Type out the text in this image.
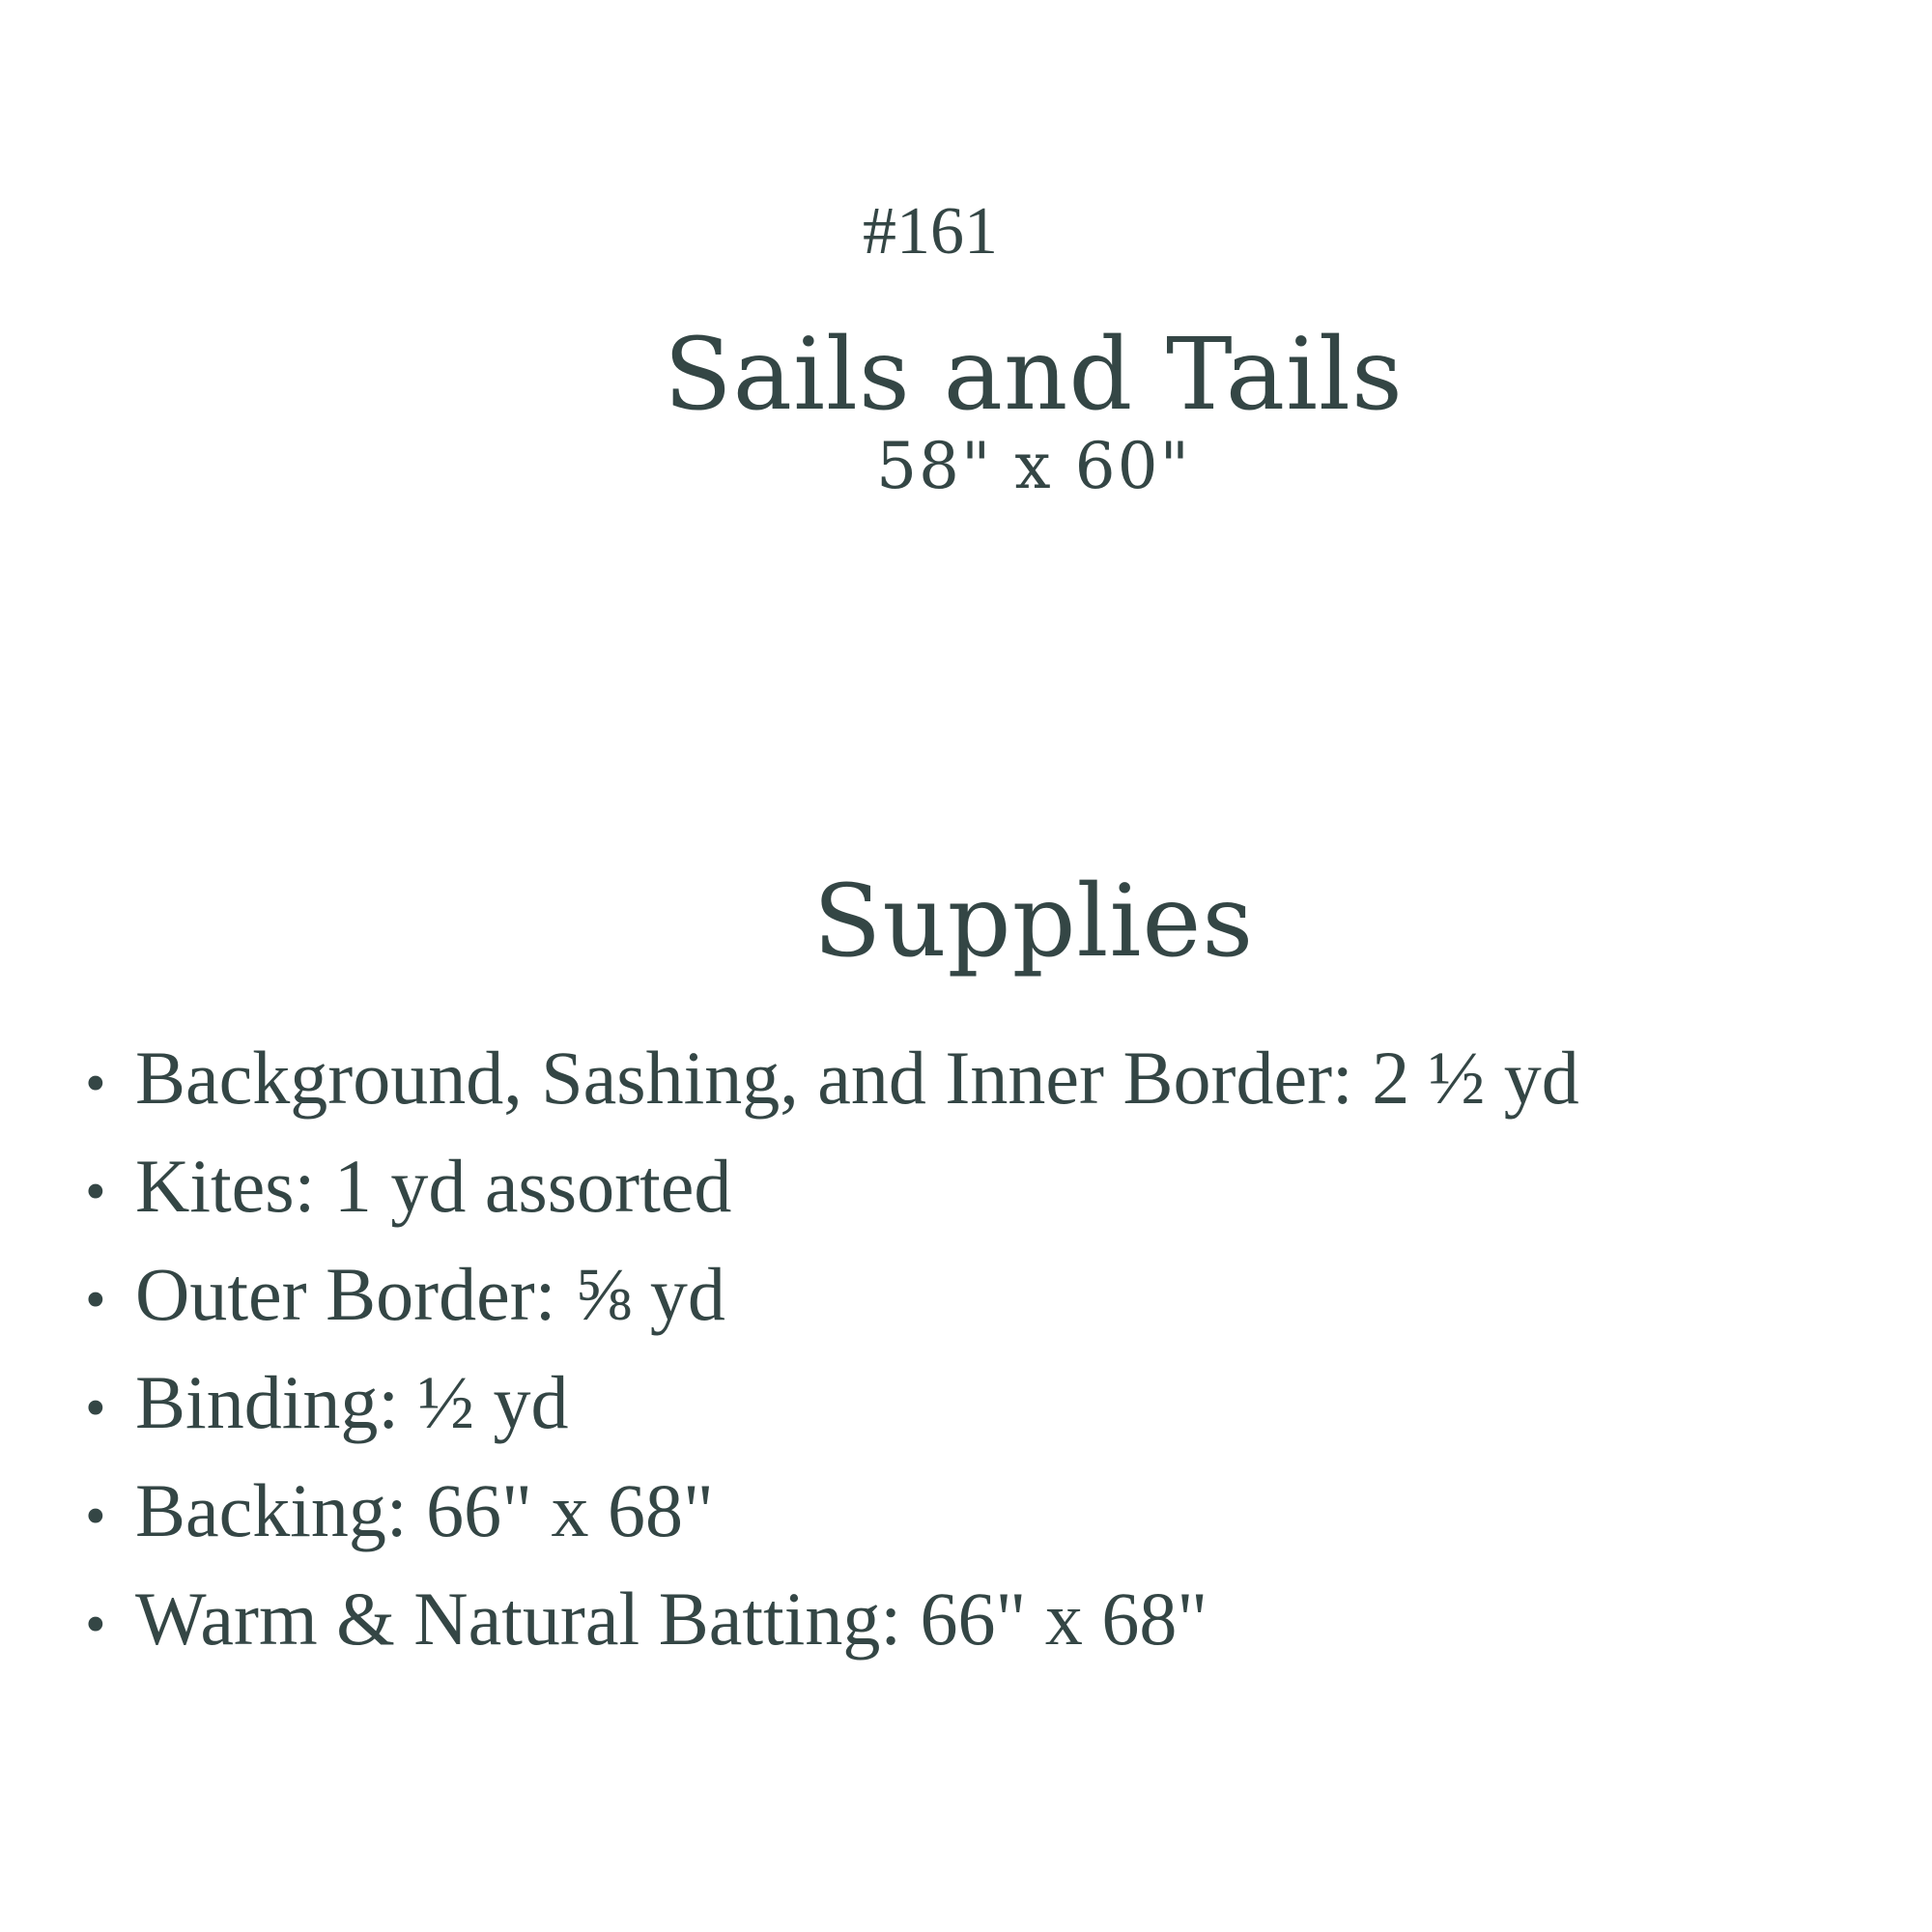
#161
Sails and Tails
58" x 60"
Supplies
• Background, Sashing, and Inner Border: 2 ½ yd
• Kites: 1 yd assorted
• Outer Border: ⅝ yd
• Binding: ½ yd
• Backing: 66" x 68"
• Warm & Natural Batting: 66" x 68"
